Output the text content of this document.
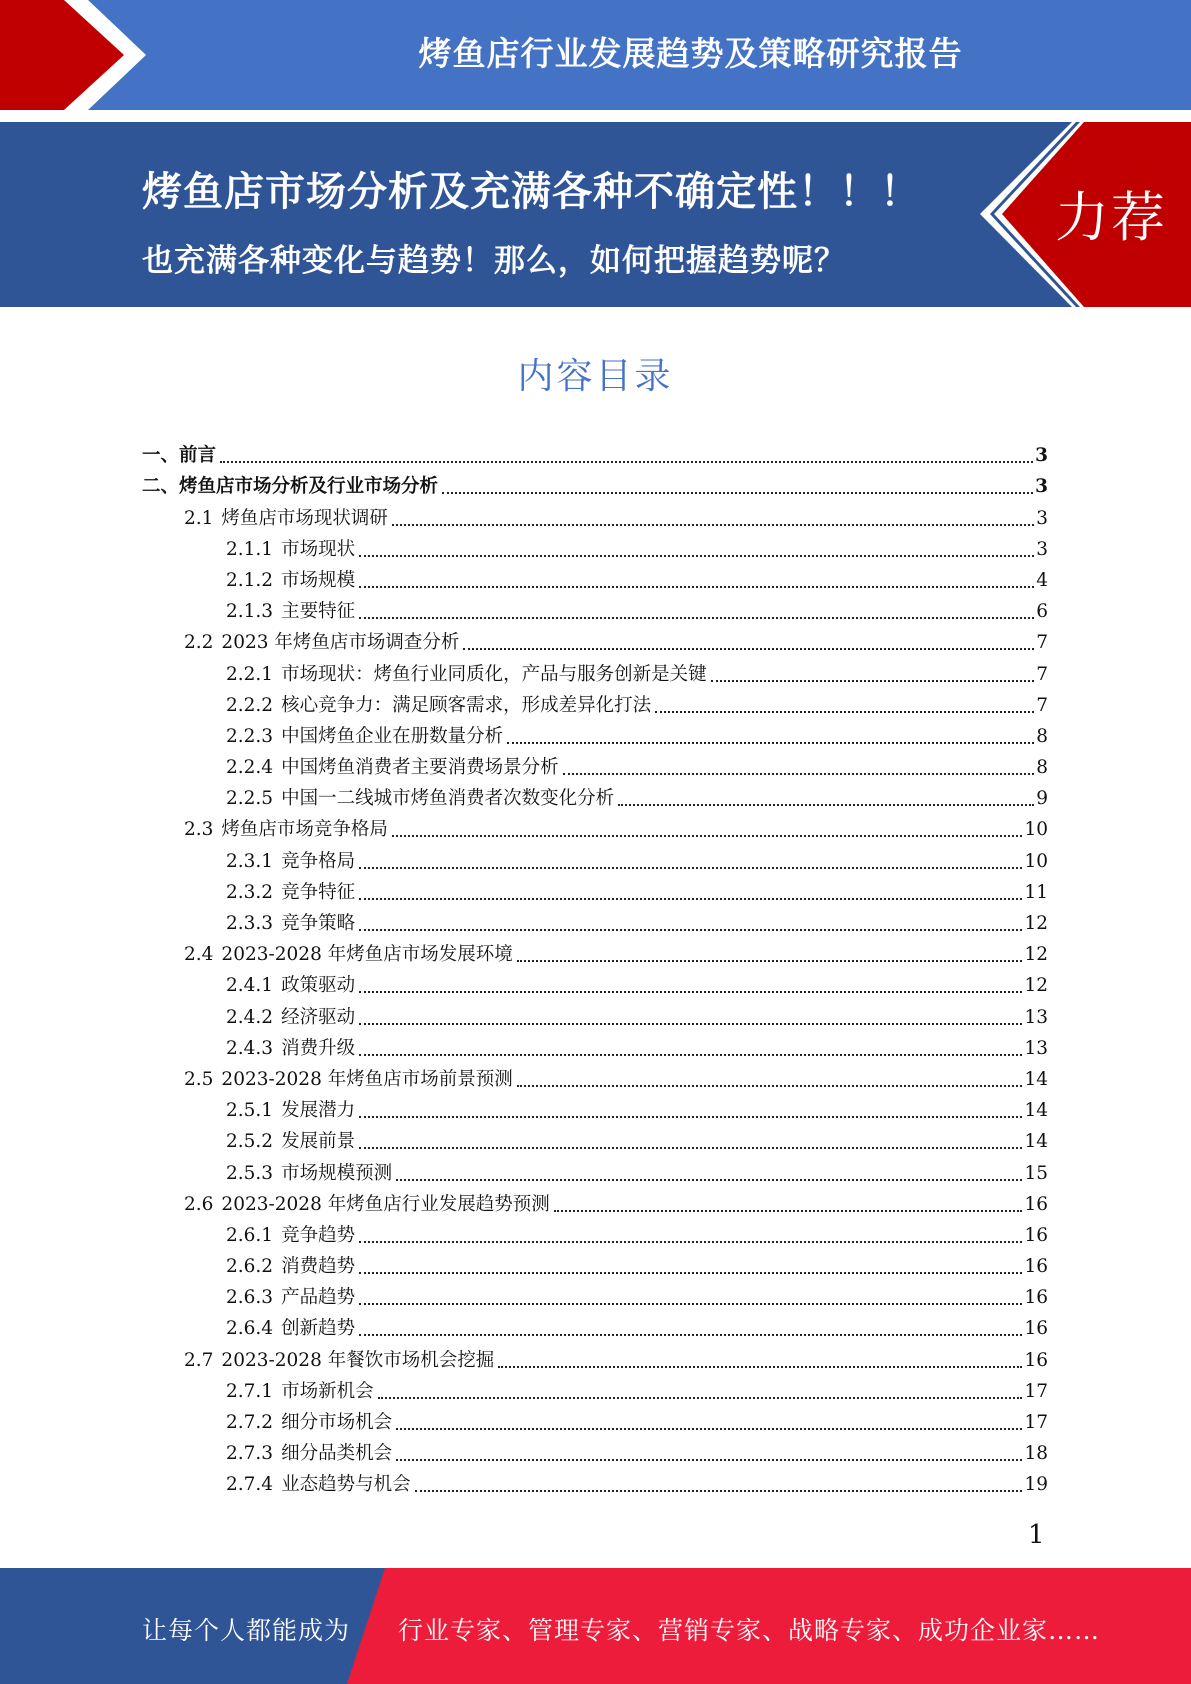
烤鱼店行业发展趋势及策略研究报告
烤鱼店市场分析及充满各种不确定性！！！
也充满各种变化与趋势！那么，如何把握趋势呢？
力荐
内容目录
一、前言	3
二、烤鱼店市场分析及行业市场分析	3
2.1 烤鱼店市场现状调研	3
2.1.1 市场现状	3
2.1.2 市场规模	4
2.1.3 主要特征	6
2.2 2023 年烤鱼店市场调查分析	7
2.2.1 市场现状：烤鱼行业同质化，产品与服务创新是关键	7
2.2.2 核心竞争力：满足顾客需求，形成差异化打法	7
2.2.3 中国烤鱼企业在册数量分析	8
2.2.4 中国烤鱼消费者主要消费场景分析	8
2.2.5 中国一二线城市烤鱼消费者次数变化分析	9
2.3 烤鱼店市场竞争格局	10
2.3.1 竞争格局	10
2.3.2 竞争特征	11
2.3.3 竞争策略	12
2.4 2023-2028 年烤鱼店市场发展环境	12
2.4.1 政策驱动	12
2.4.2 经济驱动	13
2.4.3 消费升级	13
2.5 2023-2028 年烤鱼店市场前景预测	14
2.5.1 发展潜力	14
2.5.2 发展前景	14
2.5.3 市场规模预测	15
2.6 2023-2028 年烤鱼店行业发展趋势预测	16
2.6.1 竞争趋势	16
2.6.2 消费趋势	16
2.6.3 产品趋势	16
2.6.4 创新趋势	16
2.7 2023-2028 年餐饮市场机会挖掘	16
2.7.1 市场新机会	17
2.7.2 细分市场机会	17
2.7.3 细分品类机会	18
2.7.4 业态趋势与机会	19
1
让每个人都能成为 行业专家、管理专家、营销专家、战略专家、成功企业家……
